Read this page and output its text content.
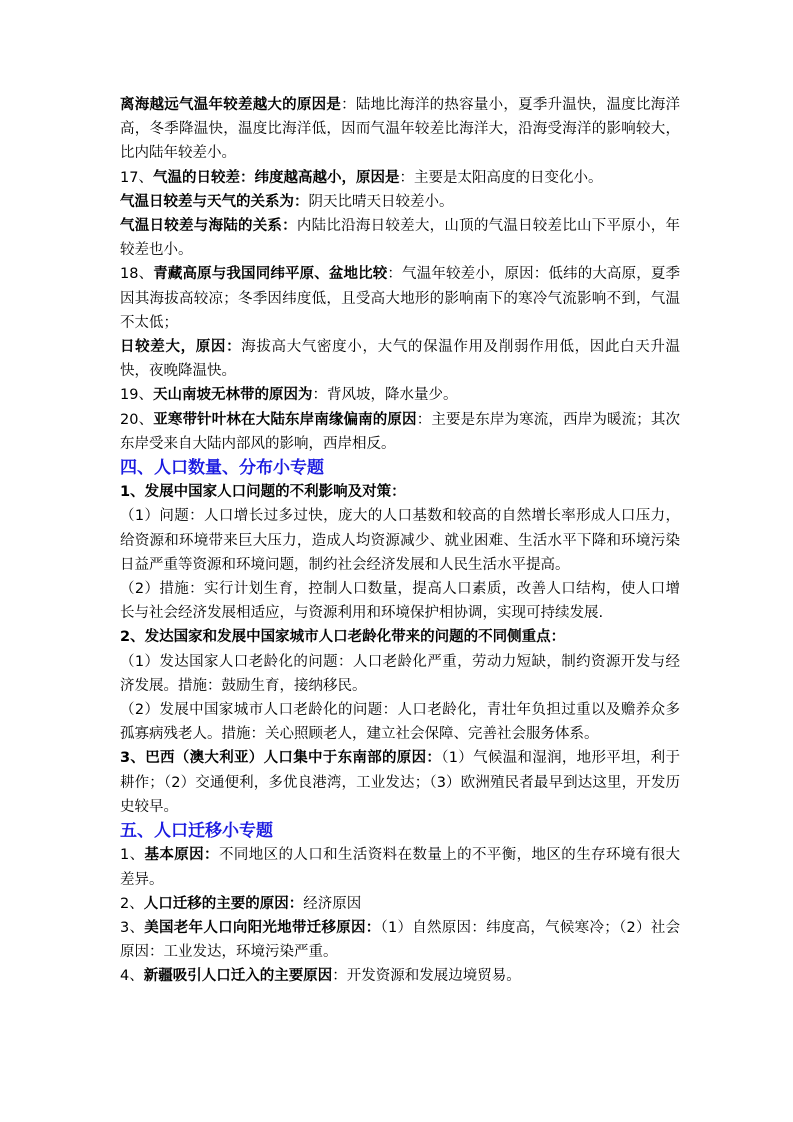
离海越远气温年较差越大的原因是：陆地比海洋的热容量小，夏季升温快，温度比海洋高，冬季降温快，温度比海洋低，因而气温年较差比海洋大，沿海受海洋的影响较大，比内陆年较差小。

17、气温的日较差：纬度越高越小，原因是：主要是太阳高度的日变化小。

气温日较差与天气的关系为：阴天比晴天日较差小。

气温日较差与海陆的关系：内陆比沿海日较差大，山顶的气温日较差比山下平原小，年较差也小。

18、青藏高原与我国同纬平原、盆地比较：气温年较差小，原因：低纬的大高原，夏季因其海拔高较凉；冬季因纬度低，且受高大地形的影响南下的寒冷气流影响不到，气温不太低；

日较差大，原因：海拔高大气密度小，大气的保温作用及削弱作用低，因此白天升温快，夜晚降温快。

19、天山南坡无林带的原因为：背风坡，降水量少。

20、亚寒带针叶林在大陆东岸南缘偏南的原因：主要是东岸为寒流，西岸为暖流；其次东岸受来自大陆内部风的影响，西岸相反。

四、人口数量、分布小专题

1、发展中国家人口问题的不利影响及对策：

（1）问题：人口增长过多过快，庞大的人口基数和较高的自然增长率形成人口压力，给资源和环境带来巨大压力，造成人均资源减少、就业困难、生活水平下降和环境污染日益严重等资源和环境问题，制约社会经济发展和人民生活水平提高。

（2）措施：实行计划生育，控制人口数量，提高人口素质，改善人口结构，使人口增长与社会经济发展相适应，与资源利用和环境保护相协调，实现可持续发展.

2、发达国家和发展中国家城市人口老龄化带来的问题的不同侧重点：

（1）发达国家人口老龄化的问题：人口老龄化严重，劳动力短缺，制约资源开发与经济发展。措施：鼓励生育，接纳移民。

（2）发展中国家城市人口老龄化的问题：人口老龄化，青壮年负担过重以及赡养众多孤寡病残老人。措施：关心照顾老人，建立社会保障、完善社会服务体系。

3、巴西（澳大利亚）人口集中于东南部的原因：（1）气候温和湿润，地形平坦，利于耕作；（2）交通便利，多优良港湾，工业发达；（3）欧洲殖民者最早到达这里，开发历史较早。

五、人口迁移小专题

1、基本原因：不同地区的人口和生活资料在数量上的不平衡，地区的生存环境有很大差异。

2、人口迁移的主要的原因：经济原因

3、美国老年人口向阳光地带迁移原因：（1）自然原因：纬度高，气候寒冷；（2）社会原因：工业发达，环境污染严重。

4、新疆吸引人口迁入的主要原因：开发资源和发展边境贸易。
